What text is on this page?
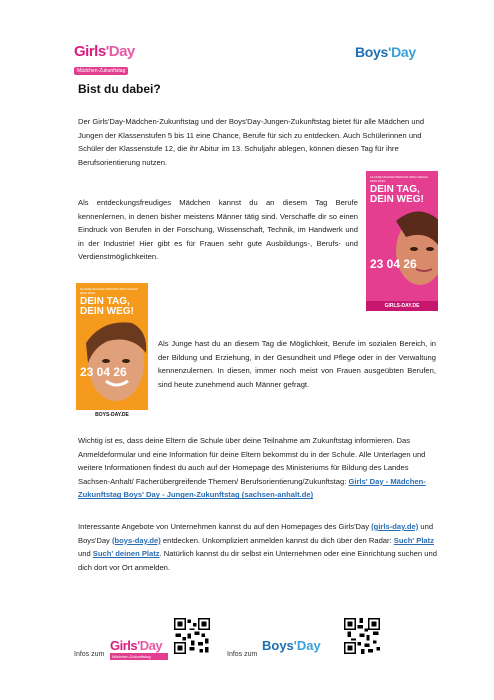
Girls'Day
Mädchen-Zukunftstag
Boys'Day
Bist du dabei?

Der Girls'Day-Mädchen-Zukunftstag und der Boys'Day-Jungen-Zukunftstag bietet für alle Mädchen und Jungen der Klassenstufen 5 bis 11 eine Chance, Berufe für sich zu entdecken. Auch Schülerinnen und Schüler der Klassenstufe 12, die ihr Abitur im 13. Schuljahr ablegen, können diesen Tag für ihre Berufsorientierung nutzen.

Als entdeckungsfreudiges Mädchen kannst du an diesem Tag Berufe kennenlernen, in denen bisher meistens Männer tätig sind. Verschaffe dir so einen Eindruck von Berufen in der Forschung, Wissenschaft, Technik, im Handwerk und in der Industrie! Hier gibt es für Frauen sehr gute Ausbildungs-, Berufs- und Verdienstmöglichkeiten.

KLASSE MACHEN BERUFE SIND GENAU DEIN DING
DEIN TAG, DEIN WEG!
23 04 26
GIRLS-DAY.DE
KLASSE MACHEN BERUFE SIND GENAU DEIN DING
DEIN TAG, DEIN WEG!
23 04 26
BOYS-DAY.DE

Als Junge hast du an diesem Tag die Möglichkeit, Berufe im sozialen Bereich, in der Bildung und Erziehung, in der Gesundheit und Pflege oder in der Verwaltung kennenzulernen. In diesen, immer noch meist von Frauen ausgeübten Berufen, sind heute zunehmend auch Männer gefragt.

Wichtig ist es, dass deine Eltern die Schule über deine Teilnahme am Zukunftstag informieren. Das Anmeldeformular und eine Information für deine Eltern bekommst du in der Schule. Alle Unterlagen und weitere Informationen findest du auch auf der Homepage des Ministeriums für Bildung des Landes Sachsen-Anhalt/ Fächerübergreifende Themen/ Berufsorientierung/Zukunftstag: Girls' Day - Mädchen-Zukunftstag Boys' Day - Jungen-Zukunftstag (sachsen-anhalt.de)

Interessante Angebote von Unternehmen kannst du auf den Homepages des Girls'Day (girls-day.de) und Boys'Day (boys-day.de) entdecken. Unkompliziert anmelden kannst du dich über den Radar: Such' Platz und Such' deinen Platz. Natürlich kannst du dir selbst ein Unternehmen oder eine Einrichtung suchen und dich dort vor Ort anmelden.

Infos zum
Girls'Day
Mädchen-Zukunftstag	Infos zum
Boys'Day
